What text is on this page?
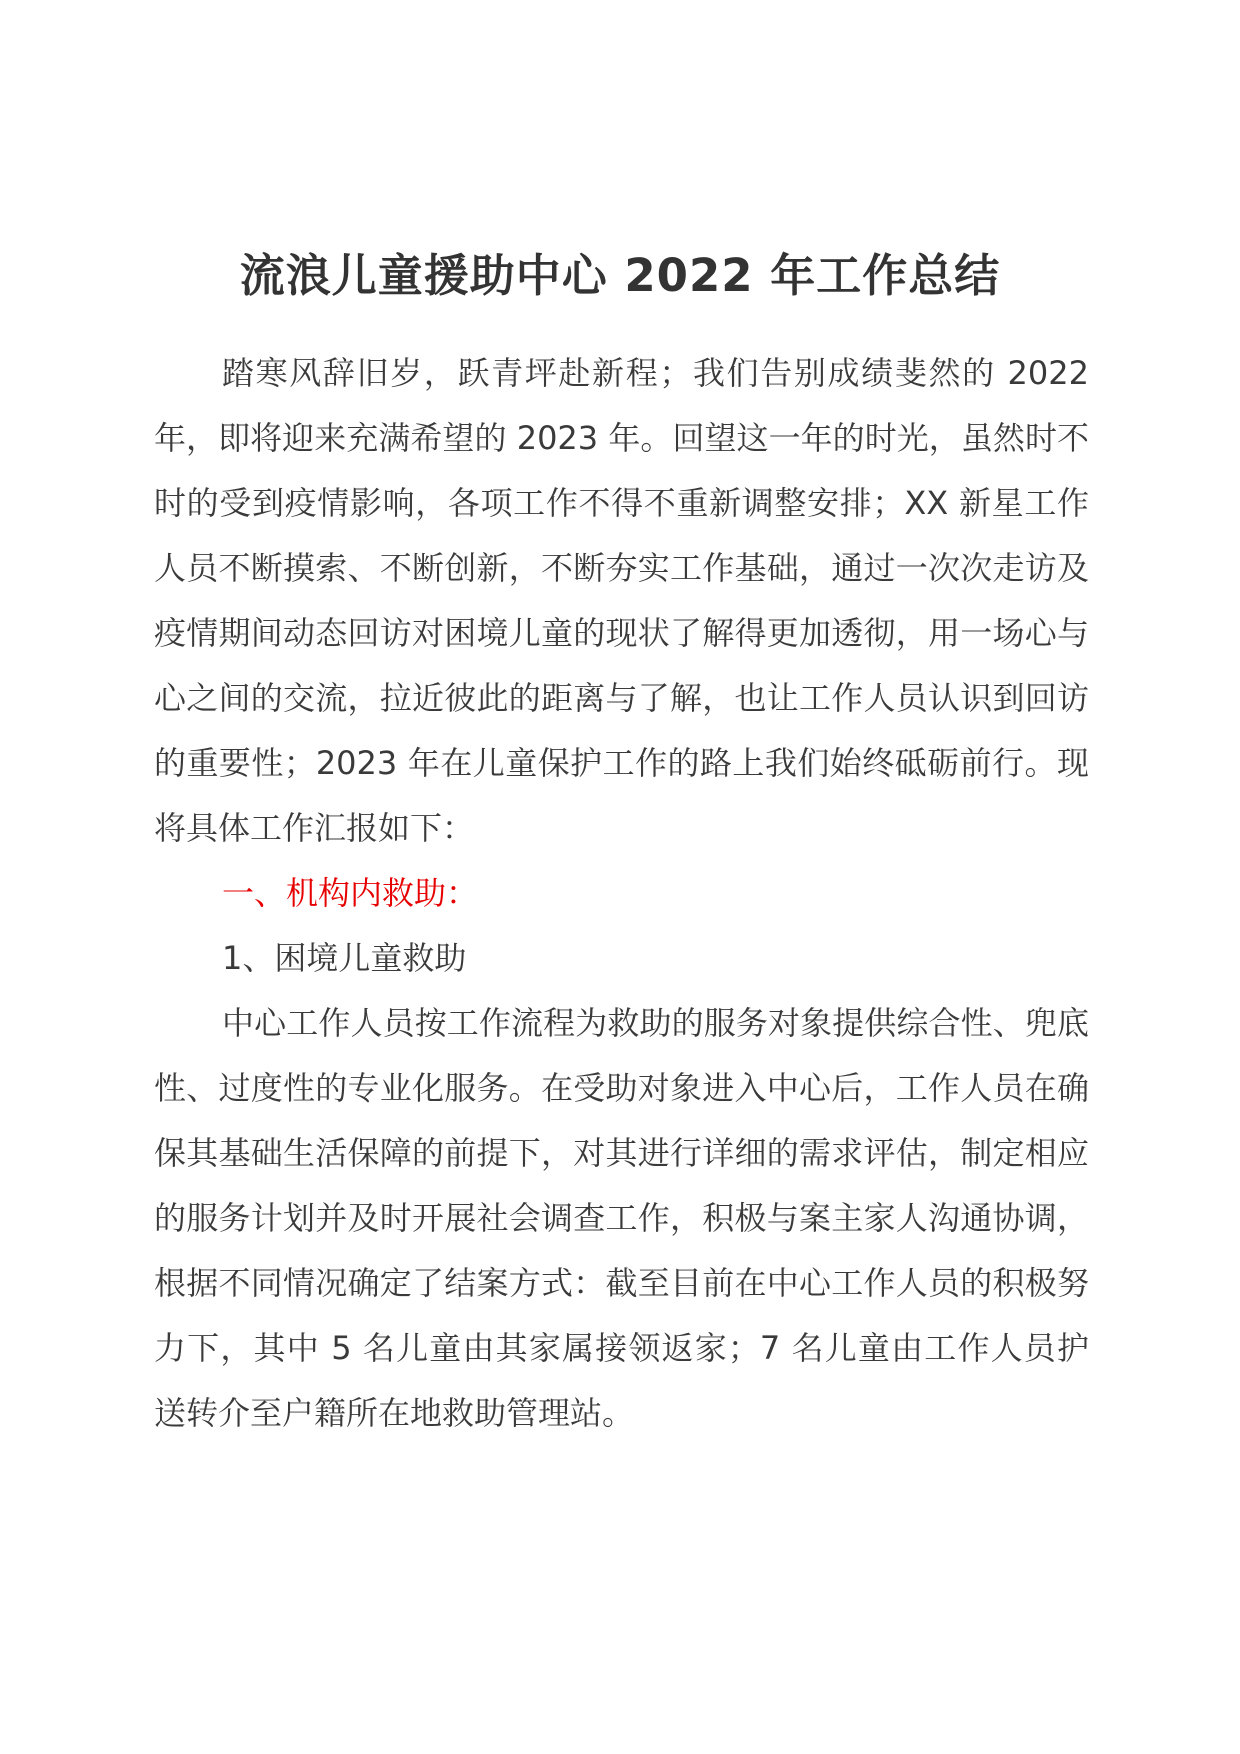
流浪儿童援助中心 2022 年工作总结

踏寒风辞旧岁，跃青坪赴新程；我们告别成绩斐然的 2022 年，即将迎来充满希望的 2023 年。回望这一年的时光，虽然时不时的受到疫情影响，各项工作不得不重新调整安排；XX 新星工作人员不断摸索、不断创新，不断夯实工作基础，通过一次次走访及疫情期间动态回访对困境儿童的现状了解得更加透彻，用一场心与心之间的交流，拉近彼此的距离与了解，也让工作人员认识到回访的重要性；2023 年在儿童保护工作的路上我们始终砥砺前行。现将具体工作汇报如下：

一、机构内救助：

1、困境儿童救助

中心工作人员按工作流程为救助的服务对象提供综合性、兜底性、过度性的专业化服务。在受助对象进入中心后，工作人员在确保其基础生活保障的前提下，对其进行详细的需求评估，制定相应的服务计划并及时开展社会调查工作，积极与案主家人沟通协调，根据不同情况确定了结案方式：截至目前在中心工作人员的积极努力下，其中 5 名儿童由其家属接领返家；7 名儿童由工作人员护送转介至户籍所在地救助管理站。
